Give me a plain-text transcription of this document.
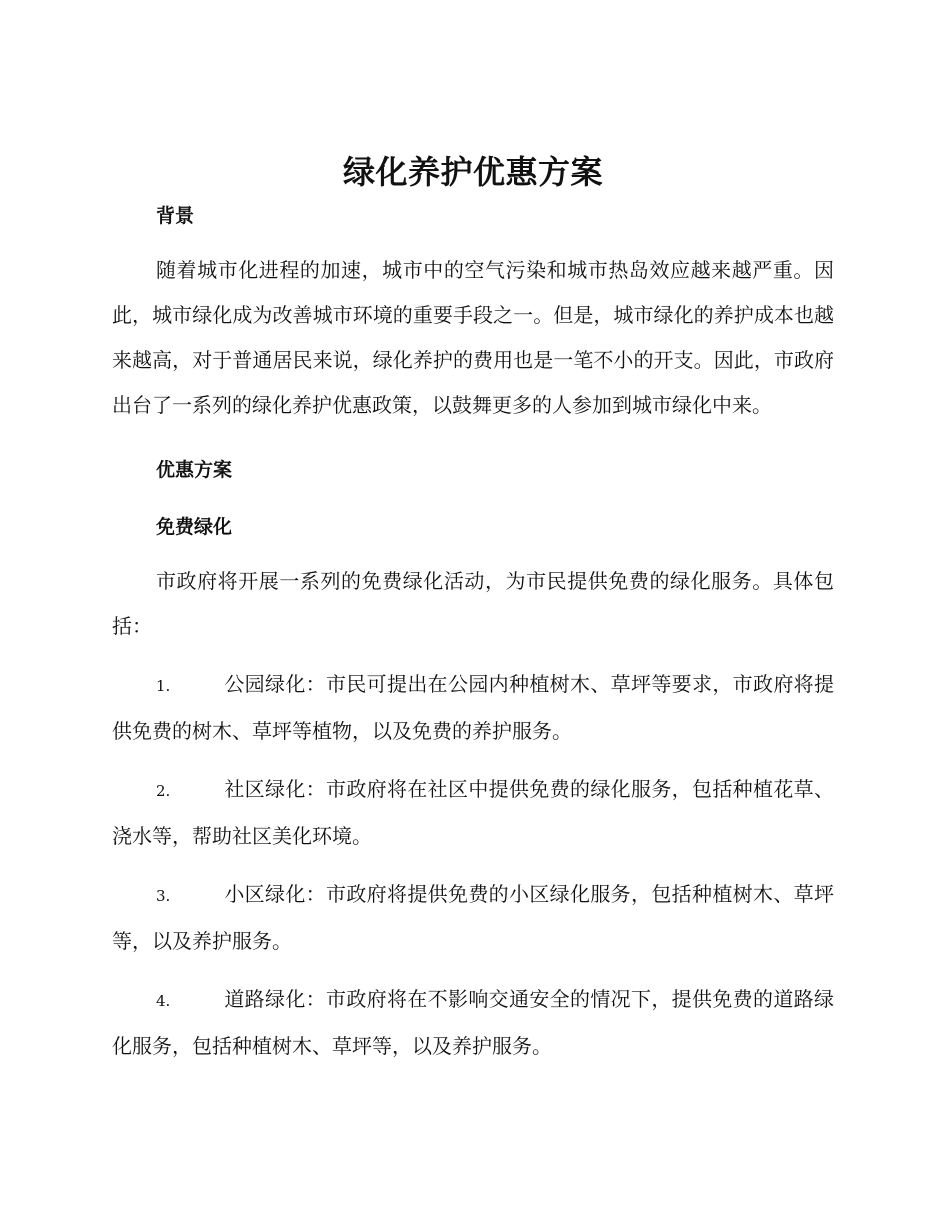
绿化养护优惠方案
背景

随着城市化进程的加速，城市中的空气污染和城市热岛效应越来越严重。因此，城市绿化成为改善城市环境的重要手段之一。但是，城市绿化的养护成本也越来越高，对于普通居民来说，绿化养护的费用也是一笔不小的开支。因此，市政府出台了一系列的绿化养护优惠政策，以鼓舞更多的人参加到城市绿化中来。

优惠方案
免费绿化

市政府将开展一系列的免费绿化活动，为市民提供免费的绿化服务。具体包括：

1.	公园绿化：市民可提出在公园内种植树木、草坪等要求，市政府将提供免费的树木、草坪等植物，以及免费的养护服务。
2.	社区绿化：市政府将在社区中提供免费的绿化服务，包括种植花草、浇水等，帮助社区美化环境。
3.	小区绿化：市政府将提供免费的小区绿化服务，包括种植树木、草坪等，以及养护服务。
4.	道路绿化：市政府将在不影响交通安全的情况下，提供免费的道路绿化服务，包括种植树木、草坪等，以及养护服务。
